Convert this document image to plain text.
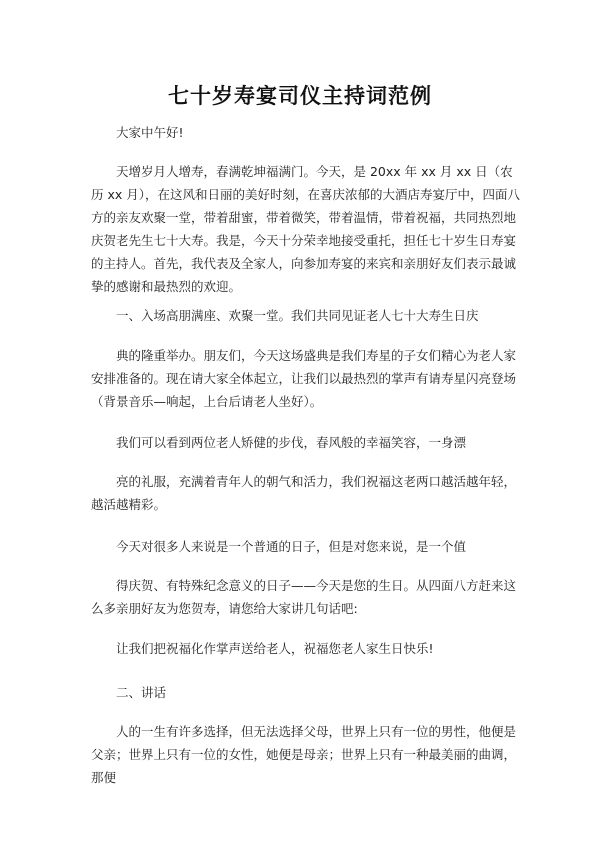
七十岁寿宴司仪主持词范例

大家中午好!

天增岁月人增寿，春满乾坤福满门。今天，是 20xx 年 xx 月 xx 日（农历 xx 月），在这风和日丽的美好时刻，在喜庆浓郁的大酒店寿宴厅中，四面八方的亲友欢聚一堂，带着甜蜜，带着微笑，带着温情，带着祝福，共同热烈地庆贺老先生七十大寿。我是，今天十分荣幸地接受重托，担任七十岁生日寿宴的主持人。首先，我代表及全家人，向参加寿宴的来宾和亲朋好友们表示最诚挚的感谢和最热烈的欢迎。

一、入场高朋满座、欢聚一堂。我们共同见证老人七十大寿生日庆

典的隆重举办。朋友们，今天这场盛典是我们寿星的子女们精心为老人家安排准备的。现在请大家全体起立，让我们以最热烈的掌声有请寿星闪亮登场（背景音乐—响起，上台后请老人坐好）。

我们可以看到两位老人矫健的步伐，春风般的幸福笑容，一身漂

亮的礼服，充满着青年人的朝气和活力，我们祝福这老两口越活越年轻，越活越精彩。

今天对很多人来说是一个普通的日子，但是对您来说，是一个值

得庆贺、有特殊纪念意义的日子——今天是您的生日。从四面八方赶来这么多亲朋好友为您贺寿，请您给大家讲几句话吧:

让我们把祝福化作掌声送给老人，祝福您老人家生日快乐!

二、讲话

人的一生有许多选择，但无法选择父母，世界上只有一位的男性，他便是父亲；世界上只有一位的女性，她便是母亲；世界上只有一种最美丽的曲调，那便
